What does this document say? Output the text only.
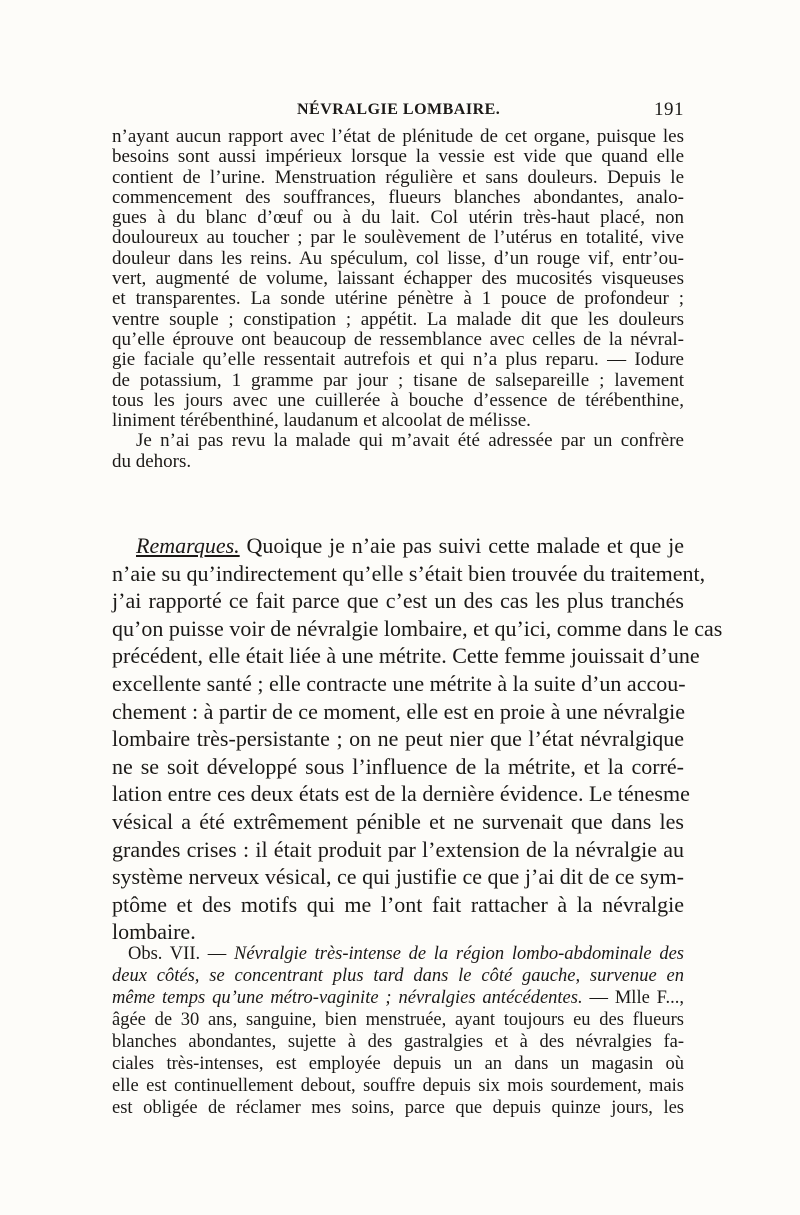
NÉVRALGIE LOMBAIRE.	191
n’ayant aucun rapport avec l’état de plénitude de cet organe, puisque les
besoins sont aussi impérieux lorsque la vessie est vide que quand elle
contient de l’urine. Menstruation régulière et sans douleurs. Depuis le
commencement des souffrances, flueurs blanches abondantes, analo-
gues à du blanc d’œuf ou à du lait. Col utérin très-haut placé, non
douloureux au toucher ; par le soulèvement de l’utérus en totalité, vive
douleur dans les reins. Au spéculum, col lisse, d’un rouge vif, entr’ou-
vert, augmenté de volume, laissant échapper des mucosités visqueuses
et transparentes. La sonde utérine pénètre à 1 pouce de profondeur ;
ventre souple ; constipation ; appétit. La malade dit que les douleurs
qu’elle éprouve ont beaucoup de ressemblance avec celles de la névral-
gie faciale qu’elle ressentait autrefois et qui n’a plus reparu. — Iodure
de potassium, 1 gramme par jour ; tisane de salsepareille ; lavement
tous les jours avec une cuillerée à bouche d’essence de térébenthine,
liniment térébenthiné, laudanum et alcoolat de mélisse.
Je n’ai pas revu la malade qui m’avait été adressée par un confrère
du dehors.
Remarques. Quoique je n’aie pas suivi cette malade et que je
n’aie su qu’indirectement qu’elle s’était bien trouvée du traitement,
j’ai rapporté ce fait parce que c’est un des cas les plus tranchés
qu’on puisse voir de névralgie lombaire, et qu’ici, comme dans le cas
précédent, elle était liée à une métrite. Cette femme jouissait d’une
excellente santé ; elle contracte une métrite à la suite d’un accou-
chement : à partir de ce moment, elle est en proie à une névralgie
lombaire très-persistante ; on ne peut nier que l’état névralgique
ne se soit développé sous l’influence de la métrite, et la corré-
lation entre ces deux états est de la dernière évidence. Le ténesme
vésical a été extrêmement pénible et ne survenait que dans les
grandes crises : il était produit par l’extension de la névralgie au
système nerveux vésical, ce qui justifie ce que j’ai dit de ce sym-
ptôme et des motifs qui me l’ont fait rattacher à la névralgie
lombaire.
Obs. VII. — Névralgie très-intense de la région lombo-abdominale des
deux côtés, se concentrant plus tard dans le côté gauche, survenue en
même temps qu’une métro-vaginite ; névralgies antécédentes. — Mlle F...,
âgée de 30 ans, sanguine, bien menstruée, ayant toujours eu des flueurs
blanches abondantes, sujette à des gastralgies et à des névralgies fa-
ciales très-intenses, est employée depuis un an dans un magasin où
elle est continuellement debout, souffre depuis six mois sourdement, mais
est obligée de réclamer mes soins, parce que depuis quinze jours, les
